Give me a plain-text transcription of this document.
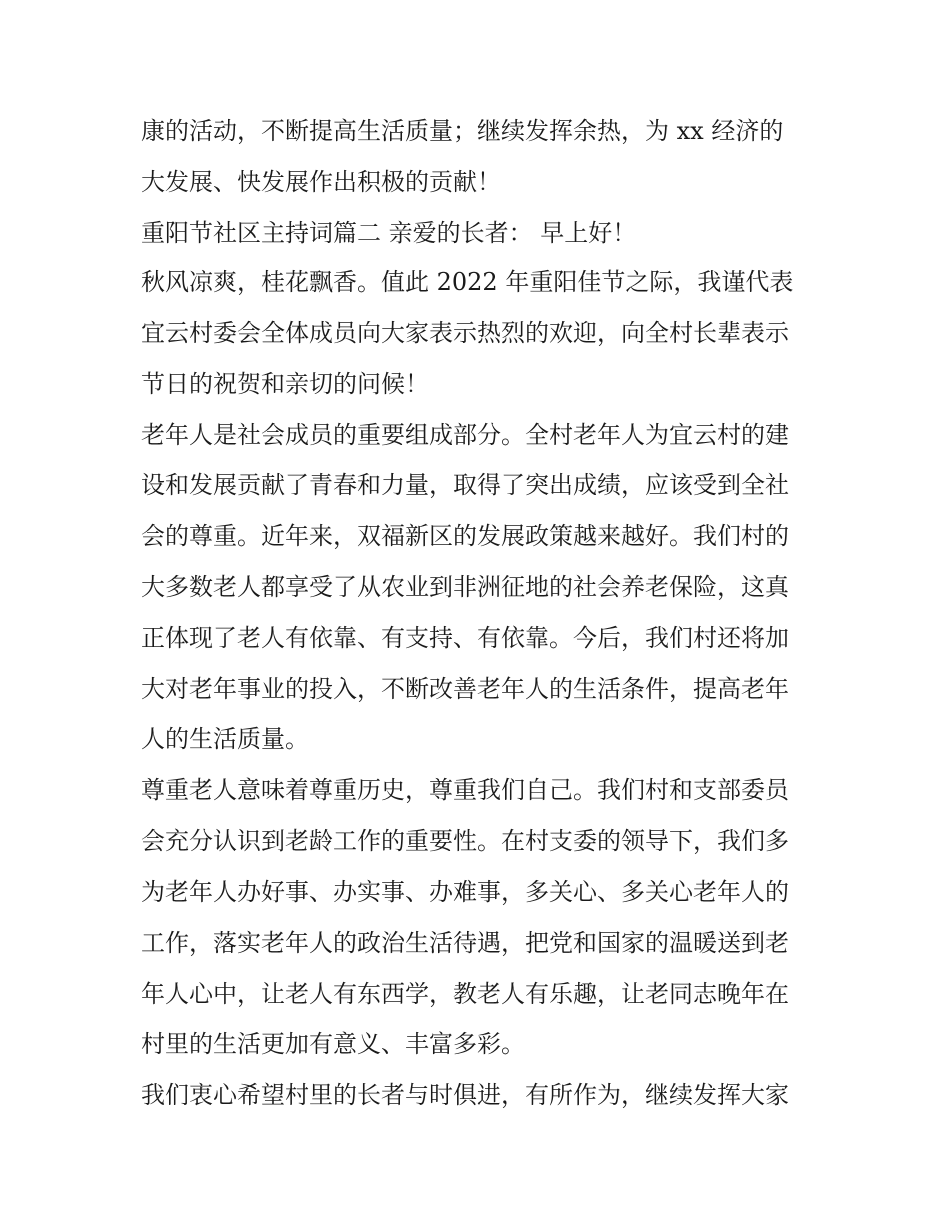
康的活动，不断提高生活质量；继续发挥余热，为 xx 经济的
大发展、快发展作出积极的贡献！
重阳节社区主持词篇二 亲爱的长者： 早上好！
秋风凉爽，桂花飘香。值此 2022 年重阳佳节之际，我谨代表
宜云村委会全体成员向大家表示热烈的欢迎，向全村长辈表示
节日的祝贺和亲切的问候！
老年人是社会成员的重要组成部分。全村老年人为宜云村的建
设和发展贡献了青春和力量，取得了突出成绩，应该受到全社
会的尊重。近年来，双福新区的发展政策越来越好。我们村的
大多数老人都享受了从农业到非洲征地的社会养老保险，这真
正体现了老人有依靠、有支持、有依靠。今后，我们村还将加
大对老年事业的投入，不断改善老年人的生活条件，提高老年
人的生活质量。
尊重老人意味着尊重历史，尊重我们自己。我们村和支部委员
会充分认识到老龄工作的重要性。在村支委的领导下，我们多
为老年人办好事、办实事、办难事，多关心、多关心老年人的
工作，落实老年人的政治生活待遇，把党和国家的温暖送到老
年人心中，让老人有东西学，教老人有乐趣，让老同志晚年在
村里的生活更加有意义、丰富多彩。
我们衷心希望村里的长者与时俱进，有所作为，继续发挥大家
